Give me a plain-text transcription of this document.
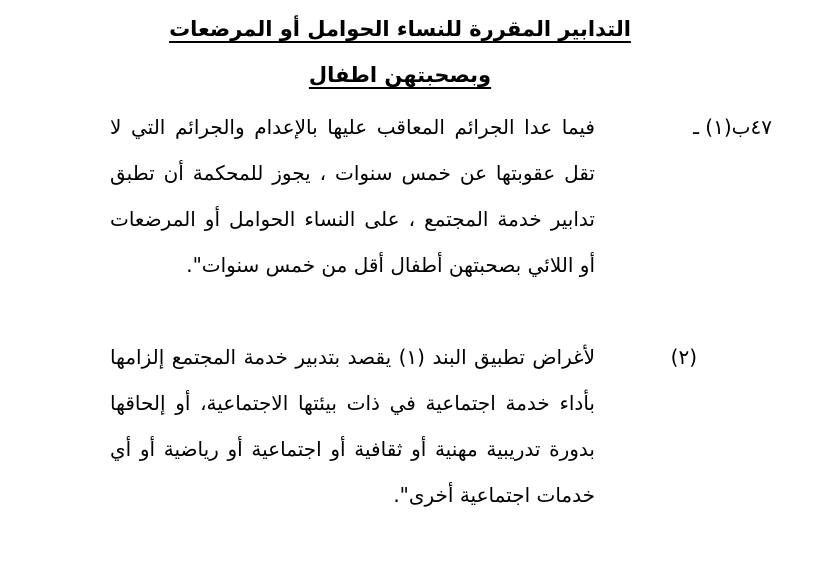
التدابير المقررة للنساء الحوامل أو المرضعات
وبصحبتهن اطفال
٤٧ب(١) ـ
فيما عدا الجرائم المعاقب عليها بالإعدام والجرائم التي لا تقل عقوبتها عن خمس سنوات ، يجوز للمحكمة أن تطبق تدابير خدمة المجتمع ، على النساء الحوامل أو المرضعات أو اللائي بصحبتهن أطفال أقل من خمس سنوات".
(٢)
لأغراض تطبيق البند (١) يقصد بتدبير خدمة المجتمع إلزامها بأداء خدمة اجتماعية في ذات بيئتها الاجتماعية، أو إلحاقها بدورة تدريبية مهنية أو ثقافية أو اجتماعية أو رياضية أو أي خدمات اجتماعية أخرى".
